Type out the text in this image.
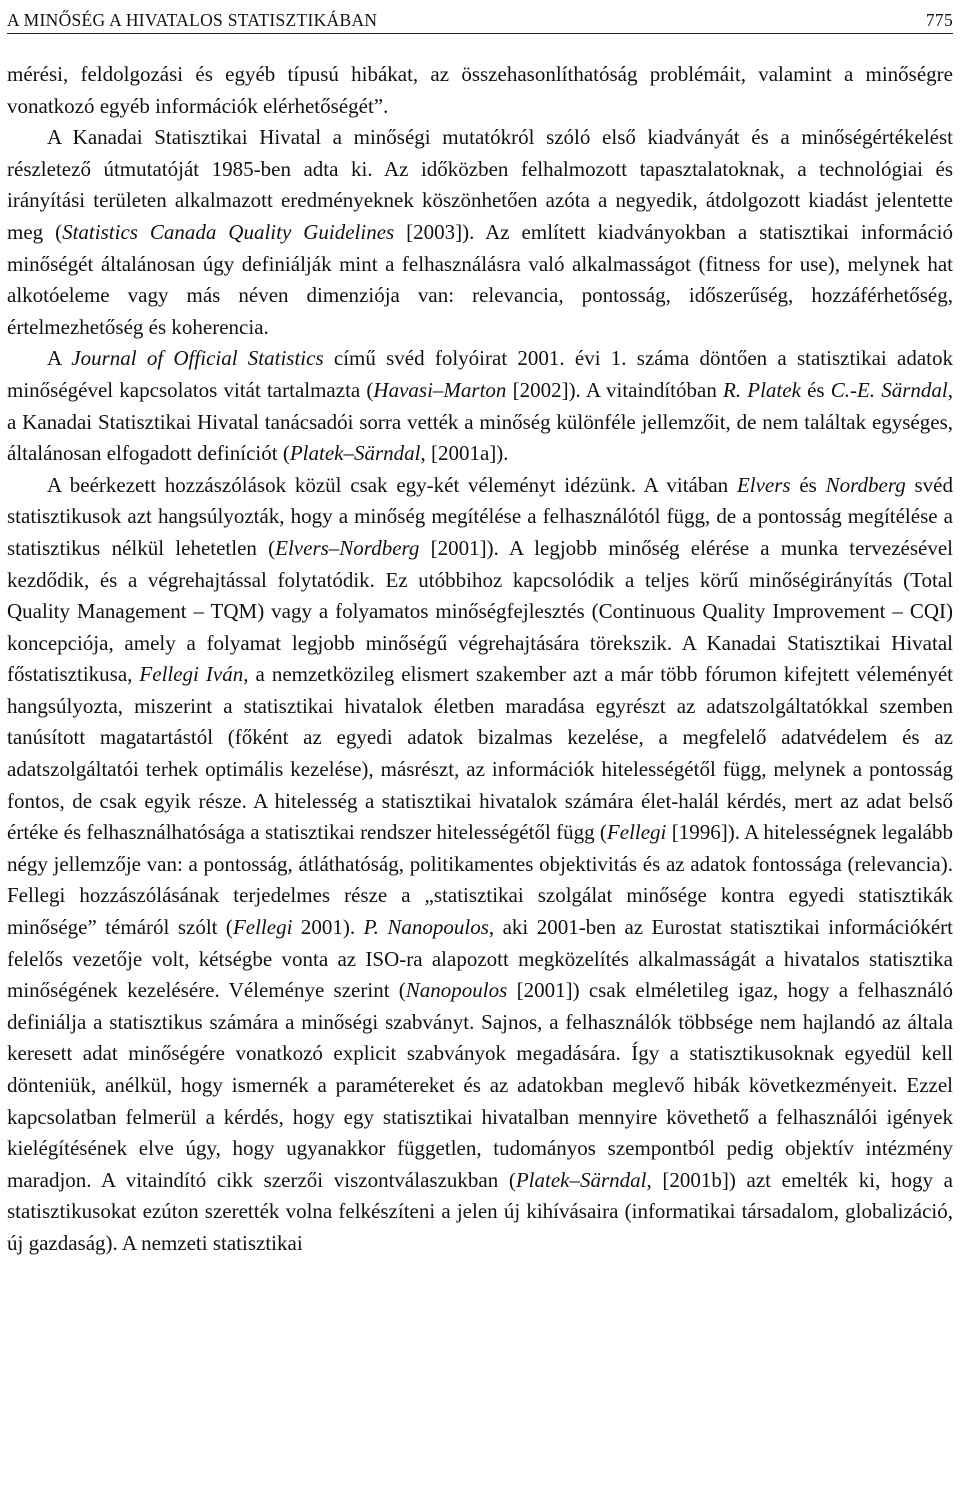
A MINŐSÉG A HIVATALOS STATISZTIKÁBAN	775

mérési, feldolgozási és egyéb típusú hibákat, az összehasonlíthatóság problémáit, valamint a minőségre vonatkozó egyéb információk elérhetőségét”.

A Kanadai Statisztikai Hivatal a minőségi mutatókról szóló első kiadványát és a minőségértékelést részletező útmutatóját 1985-ben adta ki. Az időközben felhalmozott tapasztalatoknak, a technológiai és irányítási területen alkalmazott eredményeknek köszönhetően azóta a negyedik, átdolgozott kiadást jelentette meg (Statistics Canada Quality Guidelines [2003]). Az említett kiadványokban a statisztikai információ minőségét általánosan úgy definiálják mint a felhasználásra való alkalmasságot (fitness for use), melynek hat alkotóeleme vagy más néven dimenziója van: relevancia, pontosság, időszerűség, hozzáférhetőség, értelmezhetőség és koherencia.

A Journal of Official Statistics című svéd folyóirat 2001. évi 1. száma döntően a statisztikai adatok minőségével kapcsolatos vitát tartalmazta (Havasi–Marton [2002]). A vitaindítóban R. Platek és C.-E. Särndal, a Kanadai Statisztikai Hivatal tanácsadói sorra vették a minőség különféle jellemzőit, de nem találtak egységes, általánosan elfogadott definíciót (Platek–Särndal, [2001a]).

A beérkezett hozzászólások közül csak egy-két véleményt idézünk. A vitában Elvers és Nordberg svéd statisztikusok azt hangsúlyozták, hogy a minőség megítélése a felhasználótól függ, de a pontosság megítélése a statisztikus nélkül lehetetlen (Elvers–Nordberg [2001]). A legjobb minőség elérése a munka tervezésével kezdődik, és a végrehajtással folytatódik. Ez utóbbihoz kapcsolódik a teljes körű minőségirányítás (Total Quality Management – TQM) vagy a folyamatos minőségfejlesztés (Continuous Quality Improvement – CQI) koncepciója, amely a folyamat legjobb minőségű végrehajtására törekszik. A Kanadai Statisztikai Hivatal főstatisztikusa, Fellegi Iván, a nemzetközileg elismert szakember azt a már több fórumon kifejtett véleményét hangsúlyozta, miszerint a statisztikai hivatalok életben maradása egyrészt az adatszolgáltatókkal szemben tanúsított magatartástól (főként az egyedi adatok bizalmas kezelése, a megfelelő adatvédelem és az adatszolgáltatói terhek optimális kezelése), másrészt, az információk hitelességétől függ, melynek a pontosság fontos, de csak egyik része. A hitelesség a statisztikai hivatalok számára élet-halál kérdés, mert az adat belső értéke és felhasználhatósága a statisztikai rendszer hitelességétől függ (Fellegi [1996]). A hitelességnek legalább négy jellemzője van: a pontosság, átláthatóság, politikamentes objektivitás és az adatok fontossága (relevancia). Fellegi hozzászólásának terjedelmes része a „statisztikai szolgálat minősége kontra egyedi statisztikák minősége” témáról szólt (Fellegi 2001). P. Nanopoulos, aki 2001-ben az Eurostat statisztikai információkért felelős vezetője volt, kétségbe vonta az ISO-ra alapozott megközelítés alkalmasságát a hivatalos statisztika minőségének kezelésére. Véleménye szerint (Nanopoulos [2001]) csak elméletileg igaz, hogy a felhasználó definiálja a statisztikus számára a minőségi szabványt. Sajnos, a felhasználók többsége nem hajlandó az általa keresett adat minőségére vonatkozó explicit szabványok megadására. Így a statisztikusoknak egyedül kell dönteniük, anélkül, hogy ismernék a paramétereket és az adatokban meglevő hibák következményeit. Ezzel kapcsolatban felmerül a kérdés, hogy egy statisztikai hivatalban mennyire követhető a felhasználói igények kielégítésének elve úgy, hogy ugyanakkor független, tudományos szempontból pedig objektív intézmény maradjon. A vitaindító cikk szerzői viszontválaszukban (Platek–Särndal, [2001b]) azt emelték ki, hogy a statisztikusokat ezúton szerették volna felkészíteni a jelen új kihívásaira (informatikai társadalom, globalizáció, új gazdaság). A nemzeti statisztikai
